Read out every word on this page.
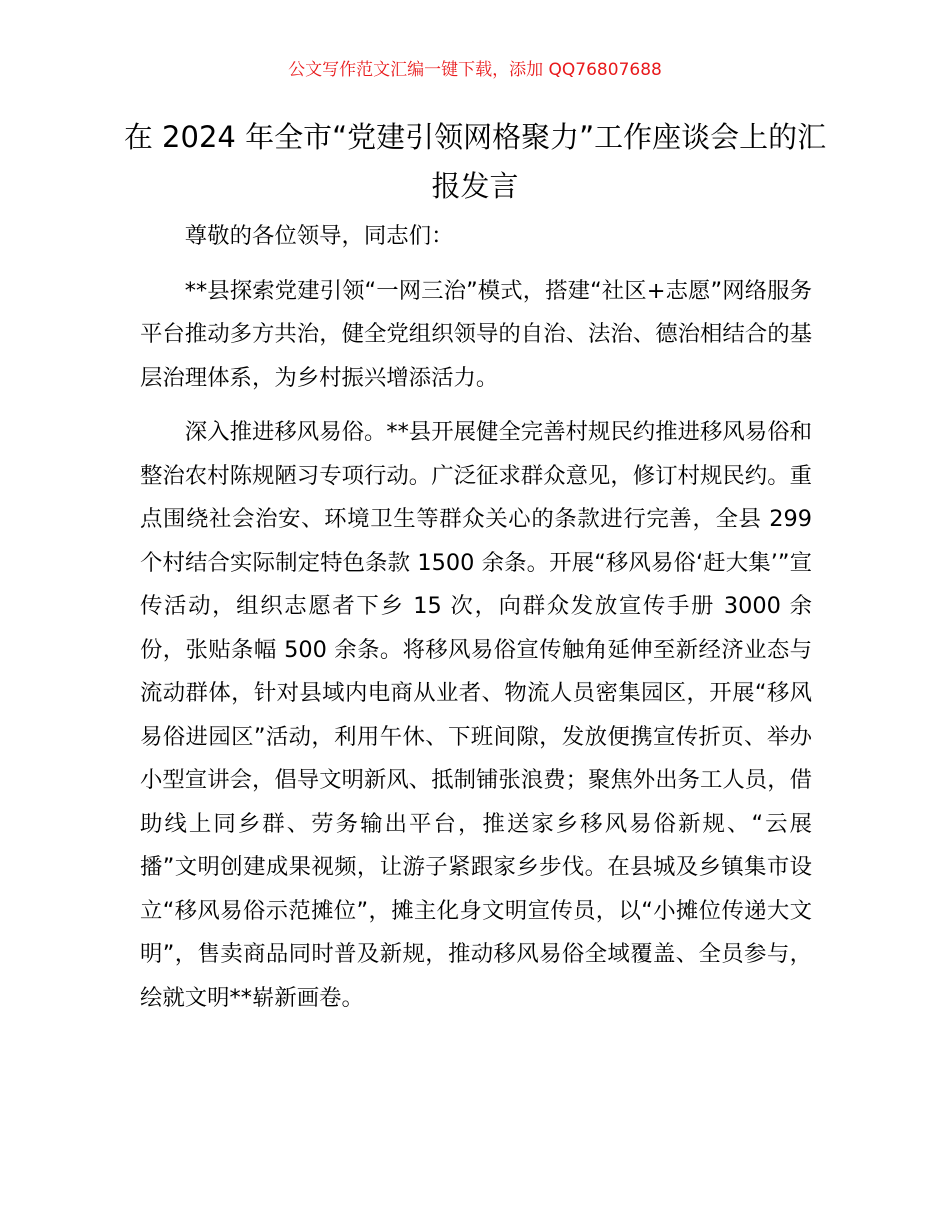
公文写作范文汇编一键下载，添加 QQ76807688
在 2024 年全市“党建引领网格聚力”工作座谈会上的汇报发言

尊敬的各位领导，同志们：

**县探索党建引领“一网三治”模式，搭建“社区+志愿”网络服务平台推动多方共治，健全党组织领导的自治、法治、德治相结合的基层治理体系，为乡村振兴增添活力。

深入推进移风易俗。**县开展健全完善村规民约推进移风易俗和整治农村陈规陋习专项行动。广泛征求群众意见，修订村规民约。重点围绕社会治安、环境卫生等群众关心的条款进行完善，全县 299 个村结合实际制定特色条款 1500 余条。开展“移风易俗‘赶大集’”宣传活动，组织志愿者下乡 15 次，向群众发放宣传手册 3000 余份，张贴条幅 500 余条。将移风易俗宣传触角延伸至新经济业态与流动群体，针对县域内电商从业者、物流人员密集园区，开展“移风易俗进园区”活动，利用午休、下班间隙，发放便携宣传折页、举办小型宣讲会，倡导文明新风、抵制铺张浪费；聚焦外出务工人员，借助线上同乡群、劳务输出平台，推送家乡移风易俗新规、“云展播”文明创建成果视频，让游子紧跟家乡步伐。在县城及乡镇集市设立“移风易俗示范摊位”，摊主化身文明宣传员，以“小摊位传递大文明”，售卖商品同时普及新规，推动移风易俗全域覆盖、全员参与，绘就文明**崭新画卷。
